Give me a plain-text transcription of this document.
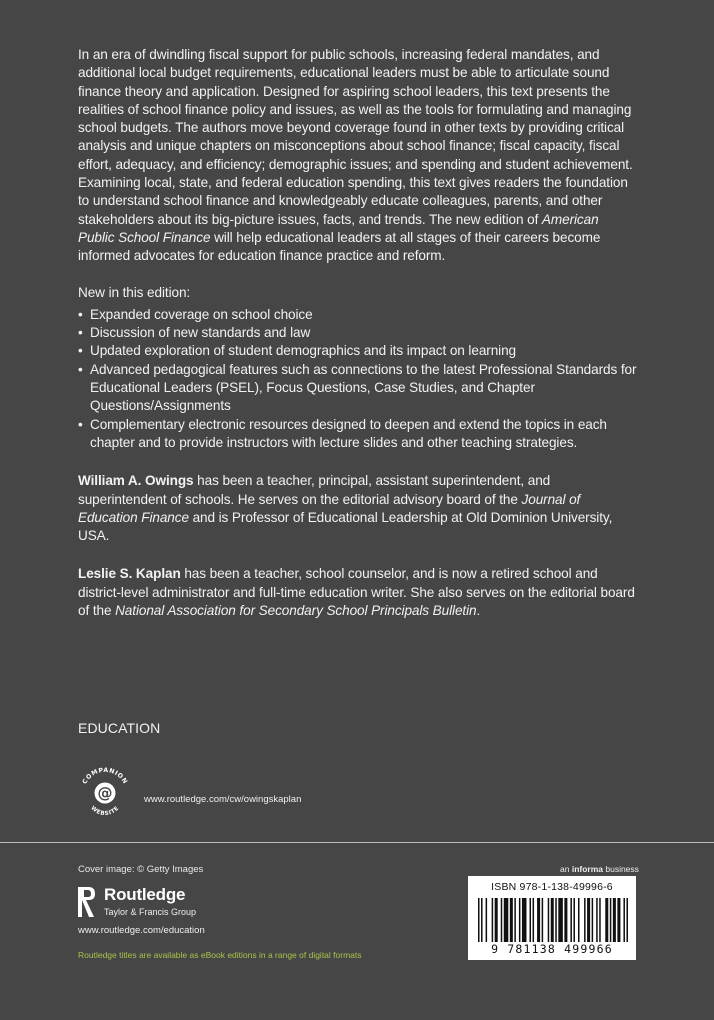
In an era of dwindling fiscal support for public schools, increasing federal mandates, and additional local budget requirements, educational leaders must be able to articulate sound finance theory and application. Designed for aspiring school leaders, this text presents the realities of school finance policy and issues, as well as the tools for formulating and managing school budgets. The authors move beyond coverage found in other texts by providing critical analysis and unique chapters on misconceptions about school finance; fiscal capacity, fiscal effort, adequacy, and efficiency; demographic issues; and spending and student achievement. Examining local, state, and federal education spending, this text gives readers the foundation to understand school finance and knowledgeably educate colleagues, parents, and other stakeholders about its big-picture issues, facts, and trends. The new edition of American Public School Finance will help educational leaders at all stages of their careers become informed advocates for education finance practice and reform.

New in this edition:

• Expanded coverage on school choice
• Discussion of new standards and law
• Updated exploration of student demographics and its impact on learning
• Advanced pedagogical features such as connections to the latest Professional Standards for Educational Leaders (PSEL), Focus Questions, Case Studies, and Chapter Questions/Assignments
• Complementary electronic resources designed to deepen and extend the topics in each chapter and to provide instructors with lecture slides and other teaching strategies.

William A. Owings has been a teacher, principal, assistant superintendent, and superintendent of schools. He serves on the editorial advisory board of the Journal of Education Finance and is Professor of Educational Leadership at Old Dominion University, USA.

Leslie S. Kaplan has been a teacher, school counselor, and is now a retired school and district-level administrator and full-time education writer. She also serves on the editorial board of the National Association for Secondary School Principals Bulletin.

EDUCATION
COMPANION
WEBSITE
@	www.routledge.com/cw/owingskaplan
Cover image: © Getty Images
Routledge
Taylor & Francis Group
www.routledge.com/education
Routledge titles are available as eBook editions in a range of digital formats
an informa business
ISBN 978-1-138-49996-6
9 781138 499966
